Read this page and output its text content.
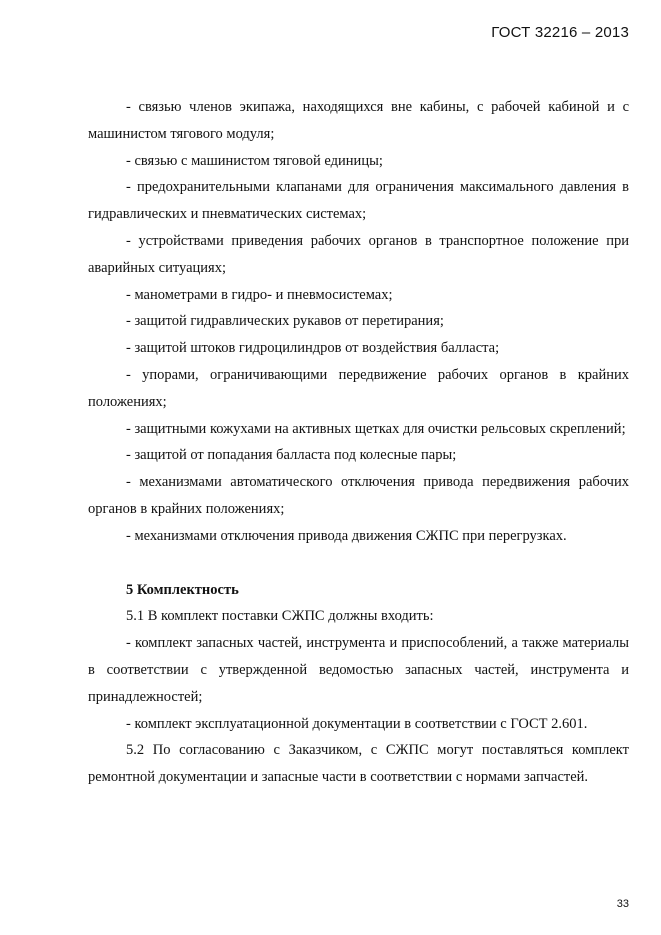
ГОСТ 32216 – 2013

- связью членов экипажа, находящихся вне кабины, с рабочей кабиной и с машинистом тягового модуля;

- связью с машинистом тяговой единицы;

- предохранительными клапанами для ограничения максимального давления в гидравлических и пневматических системах;

- устройствами приведения рабочих органов в транспортное положение при аварийных ситуациях;

- манометрами в гидро- и пневмосистемах;

- защитой гидравлических рукавов от перетирания;

- защитой штоков гидроцилиндров от воздействия балласта;

- упорами, ограничивающими передвижение рабочих органов в крайних положениях;

- защитными кожухами на активных щетках для очистки рельсовых скреплений;

- защитой от попадания балласта под колесные пары;

- механизмами автоматического отключения привода передвижения рабочих органов в крайних положениях;

- механизмами отключения привода движения СЖПС при перегрузках.

5 Комплектность

5.1 В комплект поставки СЖПС должны входить:

- комплект запасных частей, инструмента и приспособлений, а также материалы в соответствии с утвержденной ведомостью запасных частей, инструмента и принадлежностей;

- комплект эксплуатационной документации в соответствии с ГОСТ 2.601.

5.2 По согласованию с Заказчиком, с СЖПС могут поставляться комплект ремонтной документации и запасные части в соответствии с нормами запчастей.

33
